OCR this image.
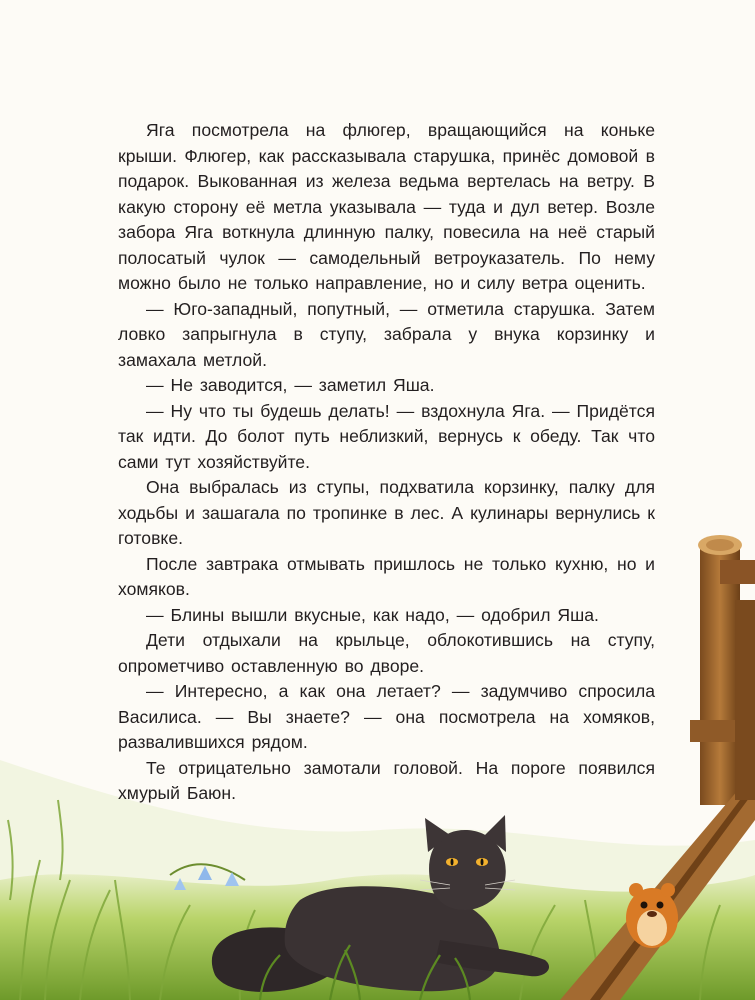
Яга посмотрела на флюгер, вращающийся на коньке крыши. Флюгер, как рассказывала старушка, принёс домовой в подарок. Выкованная из железа ведьма вертелась на ветру. В какую сторону её метла указывала — туда и дул ветер. Возле забора Яга воткнула длинную палку, повесила на неё старый полосатый чулок — самодельный ветроуказатель. По нему можно было не только направление, но и силу ветра оценить.

— Юго-западный, попутный, — отметила старушка. Затем ловко запрыгнула в ступу, забрала у внука корзинку и замахала метлой.

— Не заводится, — заметил Яша.

— Ну что ты будешь делать! — вздохнула Яга. — Придётся так идти. До болот путь неблизкий, вернусь к обеду. Так что сами тут хозяйствуйте.

Она выбралась из ступы, подхватила корзинку, палку для ходьбы и зашагала по тропинке в лес. А кулинары вернулись к готовке.

После завтрака отмывать пришлось не только кухню, но и хомяков.

— Блины вышли вкусные, как надо, — одобрил Яша.

Дети отдыхали на крыльце, облокотившись на ступу, опрометчиво оставленную во дворе.

— Интересно, а как она летает? — задумчиво спросила Василиса. — Вы знаете? — она посмотрела на хомяков, развалившихся рядом.

Те отрицательно замотали головой. На пороге появился хмурый Баюн.
